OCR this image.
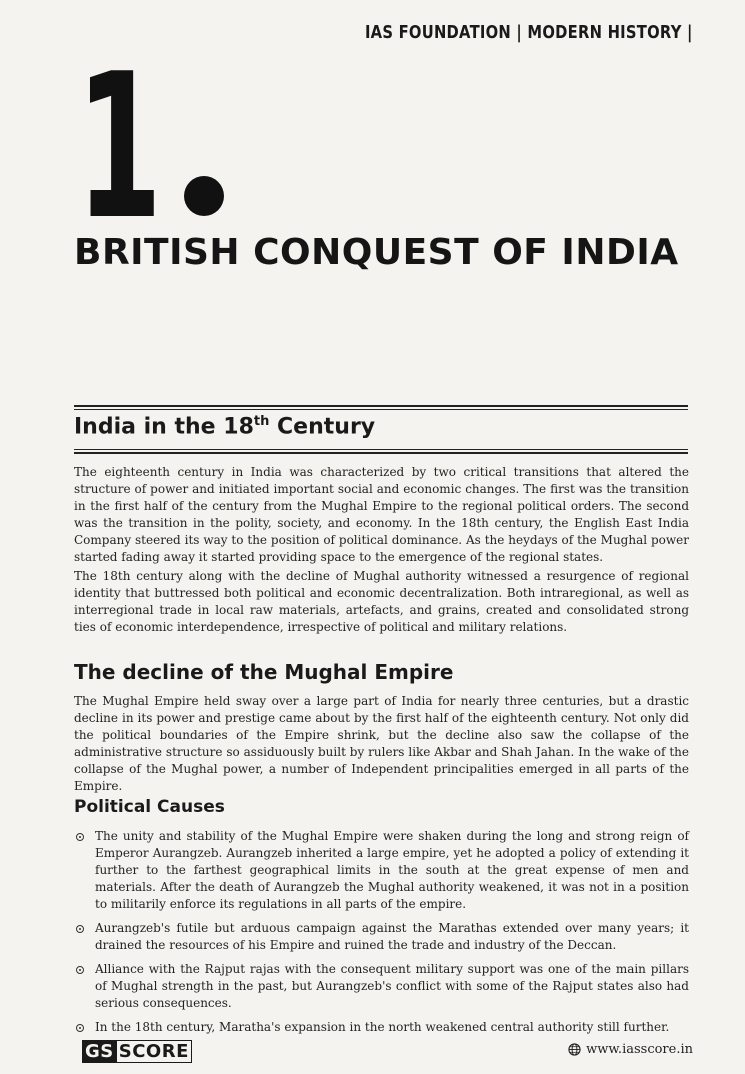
IAS FOUNDATION | MODERN HISTORY |
1
BRITISH CONQUEST OF INDIA
India in the 18th Century
The eighteenth century in India was characterized by two critical transitions that altered the structure of power and initiated important social and economic changes. The first was the transition in the first half of the century from the Mughal Empire to the regional political orders. The second was the transition in the polity, society, and economy. In the 18th century, the English East India Company steered its way to the position of political dominance. As the heydays of the Mughal power started fading away it started providing space to the emergence of the regional states.
The 18th century along with the decline of Mughal authority witnessed a resurgence of regional identity that buttressed both political and economic decentralization. Both intraregional, as well as interregional trade in local raw materials, artefacts, and grains, created and consolidated strong ties of economic interdependence, irrespective of political and military relations.
The decline of the Mughal Empire
The Mughal Empire held sway over a large part of India for nearly three centuries, but a drastic decline in its power and prestige came about by the first half of the eighteenth century. Not only did the political boundaries of the Empire shrink, but the decline also saw the collapse of the administrative structure so assiduously built by rulers like Akbar and Shah Jahan. In the wake of the collapse of the Mughal power, a number of Independent principalities emerged in all parts of the Empire.
Political Causes
The unity and stability of the Mughal Empire were shaken during the long and strong reign of Emperor Aurangzeb. Aurangzeb inherited a large empire, yet he adopted a policy of extending it further to the farthest geographical limits in the south at the great expense of men and materials. After the death of Aurangzeb the Mughal authority weakened, it was not in a position to militarily enforce its regulations in all parts of the empire.
Aurangzeb's futile but arduous campaign against the Marathas extended over many years; it drained the resources of his Empire and ruined the trade and industry of the Deccan.
Alliance with the Rajput rajas with the consequent military support was one of the main pillars of Mughal strength in the past, but Aurangzeb's conflict with some of the Rajput states also had serious consequences.
In the 18th century, Maratha's expansion in the north weakened central authority still further.
GS SCORE	www.iasscore.in
